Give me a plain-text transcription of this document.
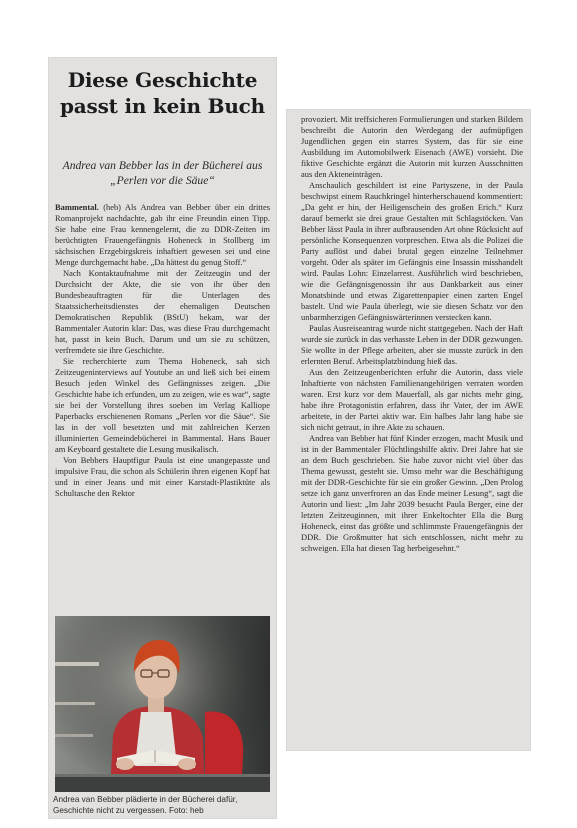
Diese Geschichte passt in kein Buch
Andrea van Bebber las in der Bücherei aus „Perlen vor die Säue“

Bammental. (heb) Als Andrea van Bebber über ein drittes Romanprojekt nachdachte, gab ihr eine Freundin einen Tipp. Sie habe eine Frau kennengelernt, die zu DDR-Zeiten im berüchtigten Frauengefängnis Hoheneck in Stollberg im sächsischen Erzgebirgskreis inhaftiert gewesen sei und eine Menge durchgemacht habe. „Da hättest du genug Stoff.“

Nach Kontaktaufnahme mit der Zeitzeugin und der Durchsicht der Akte, die sie von ihr über den Bundesbeauftragten für die Unterlagen des Staatssicherheitsdienstes der ehemaligen Deutschen Demokratischen Republik (BStU) bekam, war der Bammentaler Autorin klar: Das, was diese Frau durchgemacht hat, passt in kein Buch. Darum und um sie zu schützen, verfremdete sie ihre Geschichte.

Sie recherchierte zum Thema Hoheneck, sah sich Zeitzeugeninterviews auf Youtube an und ließ sich bei einem Besuch jeden Winkel des Gefängnisses zeigen. „Die Geschichte habe ich erfunden, um zu zeigen, wie es war“, sagte sie bei der Vorstellung ihres soeben im Verlag Kalliope Paperbacks erschienenen Romans „Perlen vor die Säue“. Sie las in der voll besetzten und mit zahlreichen Kerzen illuminierten Gemeindebücherei in Bammental. Hans Bauer am Keyboard gestaltete die Lesung musikalisch.

Von Bebbers Hauptfigur Paula ist eine unangepasste und impulsive Frau, die schon als Schülerin ihren eigenen Kopf hat und in einer Jeans und mit einer Karstadt-Plastiktüte als Schultasche den Rektor

Andrea van Bebber plädierte in der Bücherei dafür, Geschichte nicht zu vergessen. Foto: heb

provoziert. Mit treffsicheren Formulierungen und starken Bildern beschreibt die Autorin den Werdegang der aufmüpfigen Jugendlichen gegen ein starres System, das für sie eine Ausbildung im Automobilwerk Eisenach (AWE) vorsieht. Die fiktive Geschichte ergänzt die Autorin mit kurzen Ausschnitten aus den Akteneinträgen.

Anschaulich geschildert ist eine Partyszene, in der Paula beschwipst einem Rauchkringel hinterherschauend kommentiert: „Da geht er hin, der Heiligenschein des großen Erich.“ Kurz darauf bemerkt sie drei graue Gestalten mit Schlagstöcken. Van Bebber lässt Paula in ihrer aufbrausenden Art ohne Rücksicht auf persönliche Konsequenzen vorpreschen. Etwa als die Polizei die Party auflöst und dabei brutal gegen einzelne Teilnehmer vorgeht. Oder als später im Gefängnis eine Insassin misshandelt wird. Paulas Lohn: Einzelarrest. Ausführlich wird beschrieben, wie die Gefängnisgenossin ihr aus Dankbarkeit aus einer Monatsbinde und etwas Zigarettenpapier einen zarten Engel bastelt. Und wie Paula überlegt, wie sie diesen Schatz vor den unbarmherzigen Gefängniswärterinnen verstecken kann.

Paulas Ausreiseantrag wurde nicht stattgegeben. Nach der Haft wurde sie zurück in das verhasste Leben in der DDR gezwungen. Sie wollte in der Pflege arbeiten, aber sie musste zurück in den erlernten Beruf. Arbeitsplatzbindung hieß das.

Aus den Zeitzeugenberichten erfuhr die Autorin, dass viele Inhaftierte von nächsten Familienangehörigen verraten worden waren. Erst kurz vor dem Mauerfall, als gar nichts mehr ging, habe ihre Protagonistin erfahren, dass ihr Vater, der im AWE arbeitete, in der Partei aktiv war. Ein halbes Jahr lang habe sie sich nicht getraut, in ihre Akte zu schauen.

Andrea van Bebber hat fünf Kinder erzogen, macht Musik und ist in der Bammentaler Flüchtlingshilfe aktiv. Drei Jahre hat sie an dem Buch geschrieben. Sie habe zuvor nicht viel über das Thema gewusst, gesteht sie. Umso mehr war die Beschäftigung mit der DDR-Geschichte für sie ein großer Gewinn. „Den Prolog setze ich ganz unverfroren an das Ende meiner Lesung“, sagt die Autorin und liest: „Im Jahr 2039 besucht Paula Berger, eine der letzten Zeitzeuginnen, mit ihrer Enkeltochter Ella die Burg Hoheneck, einst das größte und schlimmste Frauengefängnis der DDR. Die Großmutter hat sich entschlossen, nicht mehr zu schweigen. Ella hat diesen Tag herbeigesehnt.“
